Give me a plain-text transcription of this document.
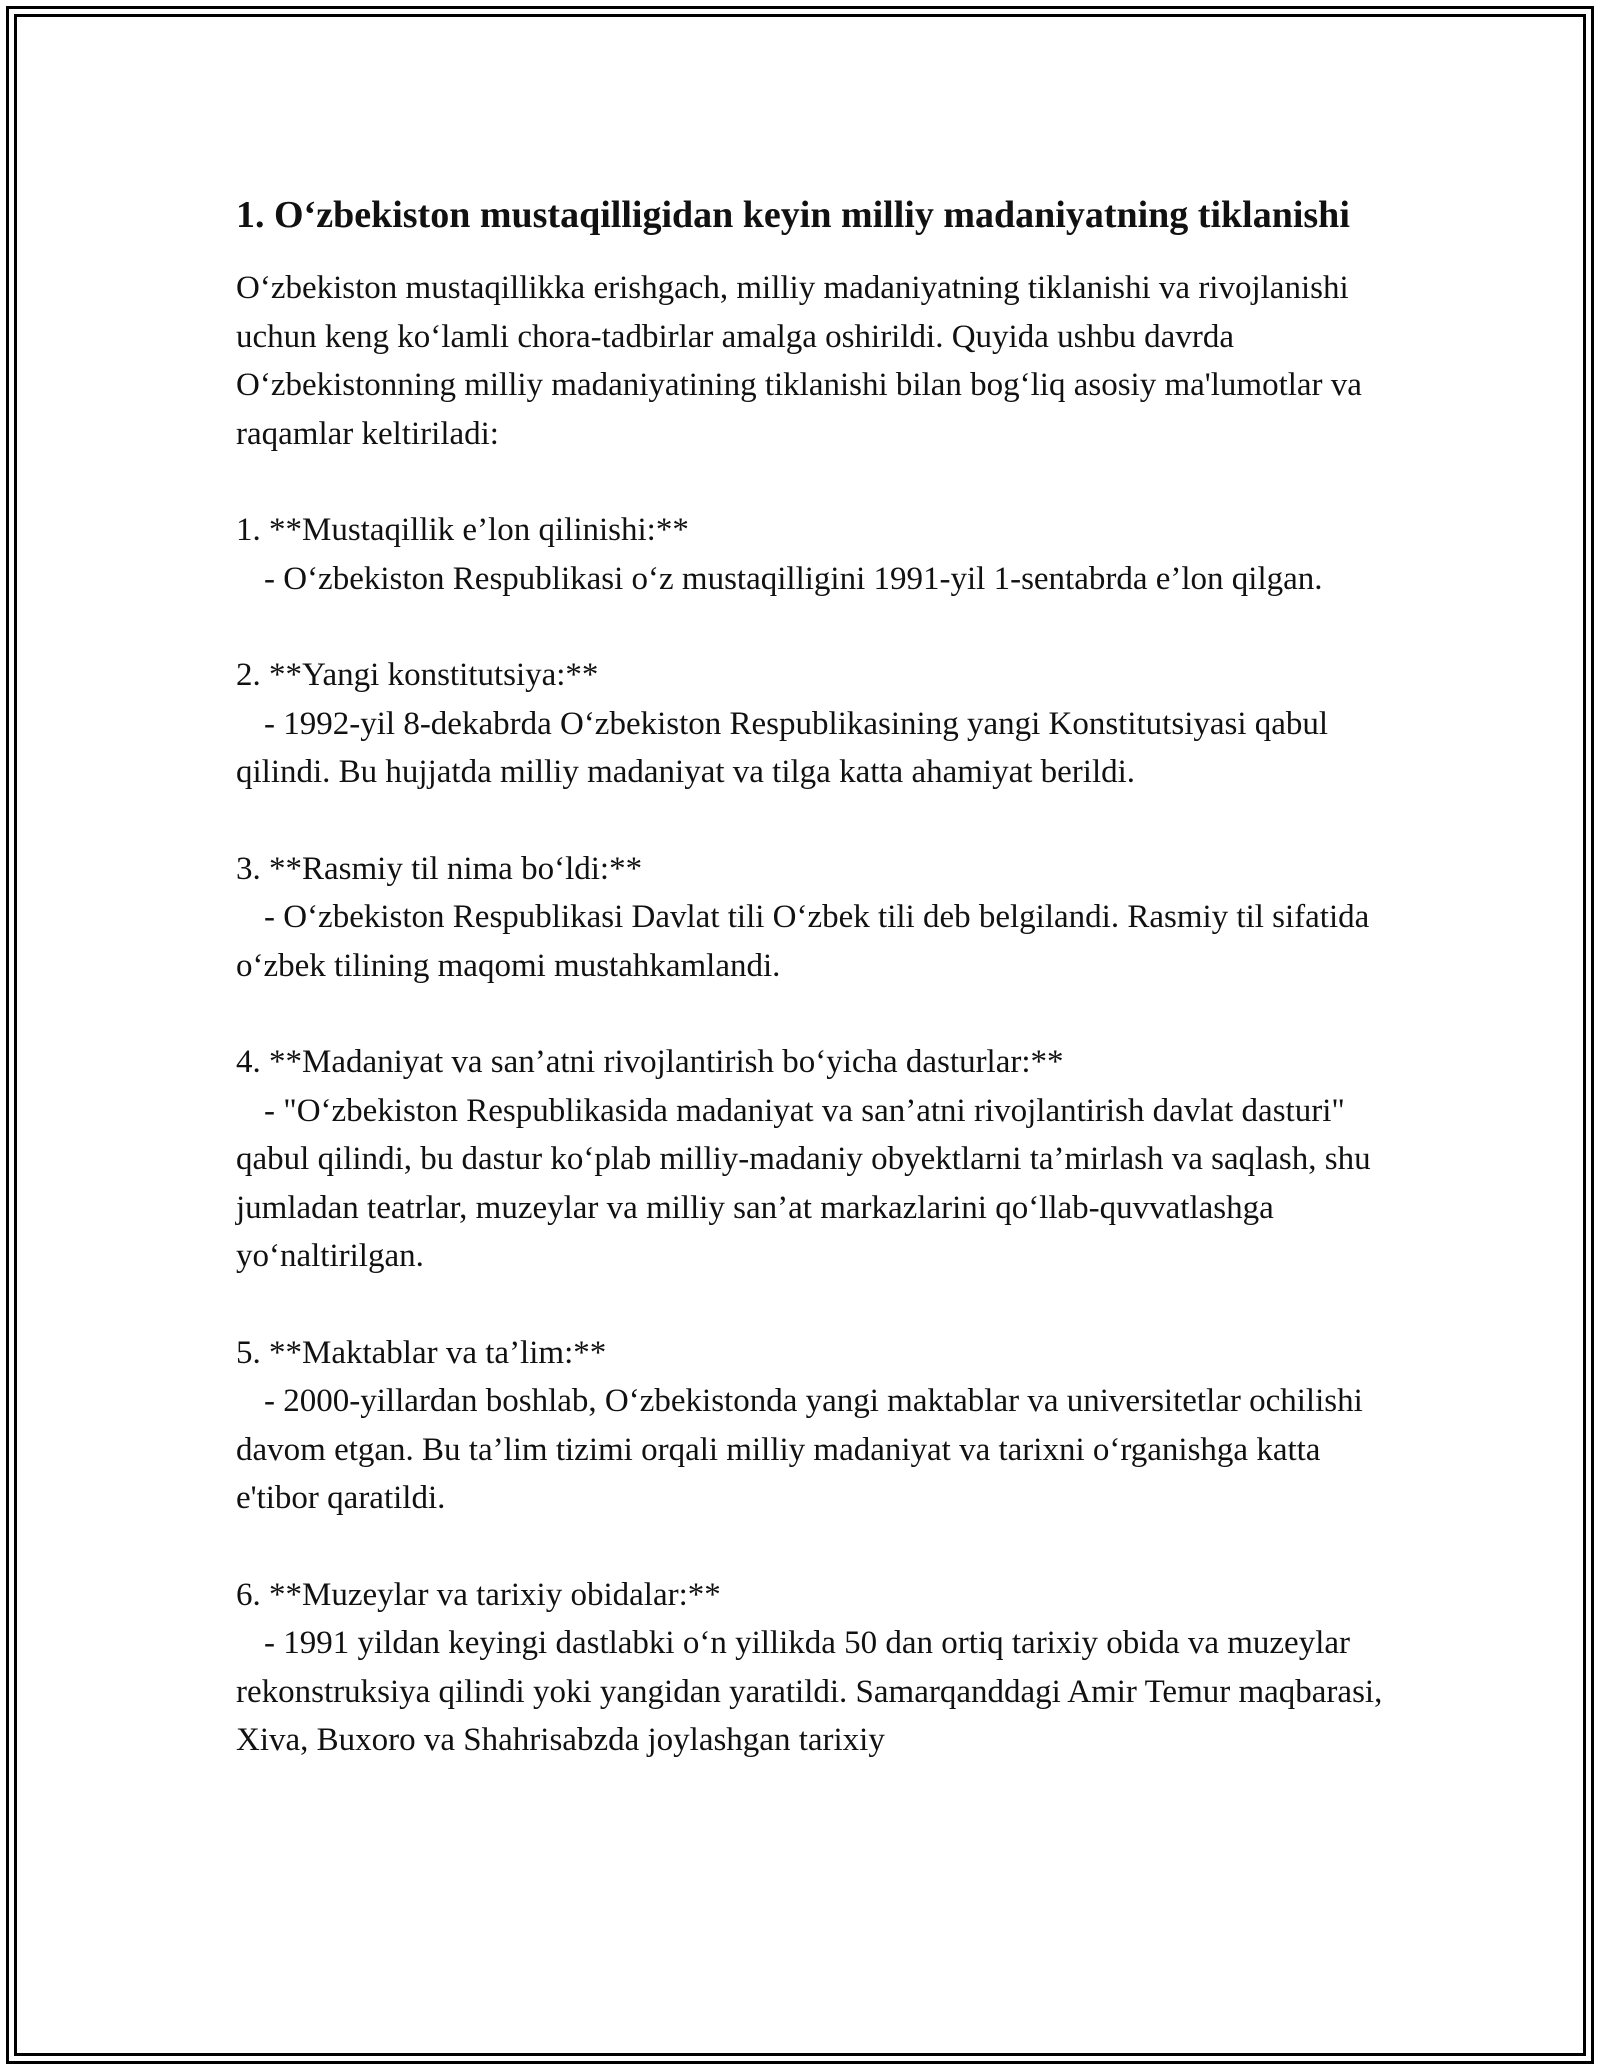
1. O‘zbekiston mustaqilligidan keyin milliy madaniyatning tiklanishi

O‘zbekiston mustaqillikka erishgach, milliy madaniyatning tiklanishi va rivojlanishi uchun keng ko‘lamli chora-tadbirlar amalga oshirildi. Quyida ushbu davrda O‘zbekistonning milliy madaniyatining tiklanishi bilan bog‘liq asosiy ma'lumotlar va raqamlar keltiriladi:

1. **Mustaqillik e’lon qilinishi:**

- O‘zbekiston Respublikasi o‘z mustaqilligini 1991-yil 1-sentabrda e’lon qilgan.

2. **Yangi konstitutsiya:**

- 1992-yil 8-dekabrda O‘zbekiston Respublikasining yangi Konstitutsiyasi qabul qilindi. Bu hujjatda milliy madaniyat va tilga katta ahamiyat berildi.

3. **Rasmiy til nima bo‘ldi:**

- O‘zbekiston Respublikasi Davlat tili O‘zbek tili deb belgilandi. Rasmiy til sifatida o‘zbek tilining maqomi mustahkamlandi.

4. **Madaniyat va san’atni rivojlantirish bo‘yicha dasturlar:**

- "O‘zbekiston Respublikasida madaniyat va san’atni rivojlantirish davlat dasturi" qabul qilindi, bu dastur ko‘plab milliy-madaniy obyektlarni ta’mirlash va saqlash, shu jumladan teatrlar, muzeylar va milliy san’at markazlarini qo‘llab-quvvatlashga yo‘naltirilgan.

5. **Maktablar va ta’lim:**

- 2000-yillardan boshlab, O‘zbekistonda yangi maktablar va universitetlar ochilishi davom etgan. Bu ta’lim tizimi orqali milliy madaniyat va tarixni o‘rganishga katta e'tibor qaratildi.

6. **Muzeylar va tarixiy obidalar:**

- 1991 yildan keyingi dastlabki o‘n yillikda 50 dan ortiq tarixiy obida va muzeylar rekonstruksiya qilindi yoki yangidan yaratildi. Samarqanddagi Amir Temur maqbarasi, Xiva, Buxoro va Shahrisabzda joylashgan tarixiy
